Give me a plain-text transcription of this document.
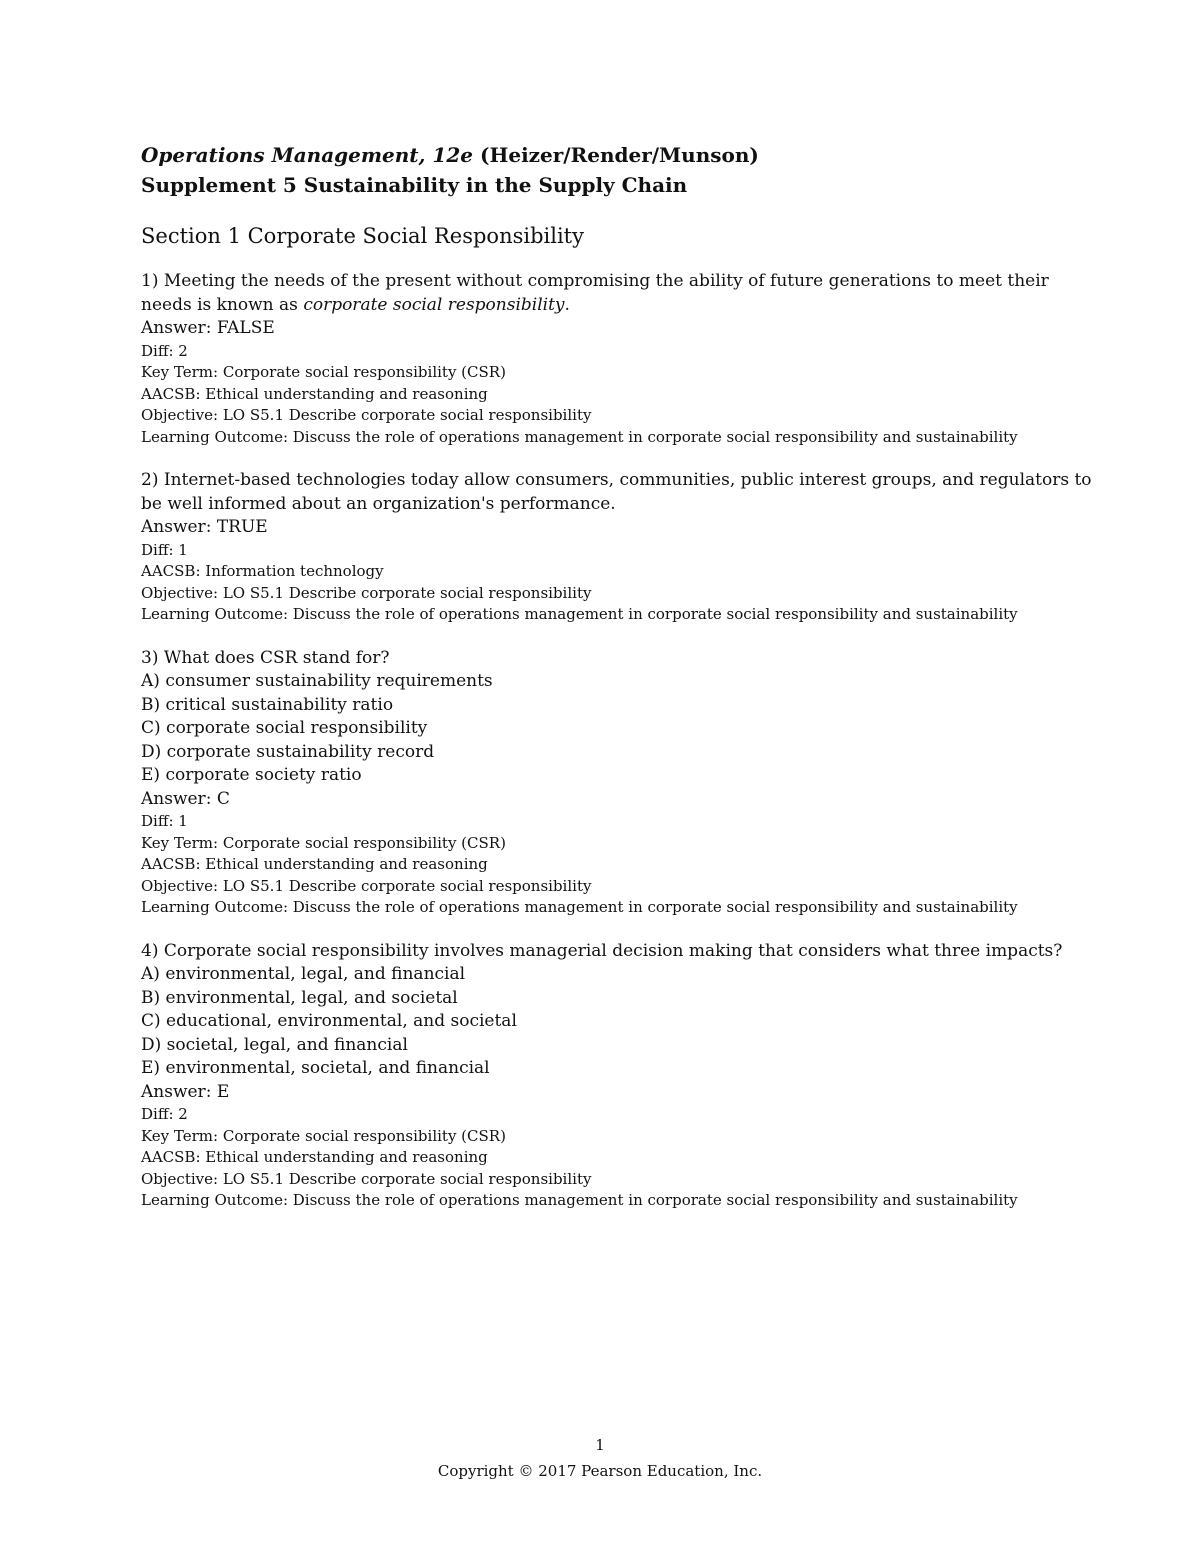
Operations Management, 12e (Heizer/Render/Munson)

Supplement 5 Sustainability in the Supply Chain

Section 1 Corporate Social Responsibility
1) Meeting the needs of the present without compromising the ability of future generations to meet their needs is known as corporate social responsibility.
Answer: FALSE
Diff: 2
Key Term: Corporate social responsibility (CSR)
AACSB: Ethical understanding and reasoning
Objective: LO S5.1 Describe corporate social responsibility
Learning Outcome: Discuss the role of operations management in corporate social responsibility and sustainability
2) Internet-based technologies today allow consumers, communities, public interest groups, and regulators to be well informed about an organization's performance.
Answer: TRUE
Diff: 1
AACSB: Information technology
Objective: LO S5.1 Describe corporate social responsibility
Learning Outcome: Discuss the role of operations management in corporate social responsibility and sustainability
3) What does CSR stand for?
A) consumer sustainability requirements
B) critical sustainability ratio
C) corporate social responsibility
D) corporate sustainability record
E) corporate society ratio
Answer: C
Diff: 1
Key Term: Corporate social responsibility (CSR)
AACSB: Ethical understanding and reasoning
Objective: LO S5.1 Describe corporate social responsibility
Learning Outcome: Discuss the role of operations management in corporate social responsibility and sustainability
4) Corporate social responsibility involves managerial decision making that considers what three impacts?
A) environmental, legal, and financial
B) environmental, legal, and societal
C) educational, environmental, and societal
D) societal, legal, and financial
E) environmental, societal, and financial
Answer: E
Diff: 2
Key Term: Corporate social responsibility (CSR)
AACSB: Ethical understanding and reasoning
Objective: LO S5.1 Describe corporate social responsibility
Learning Outcome: Discuss the role of operations management in corporate social responsibility and sustainability
1
Copyright © 2017 Pearson Education, Inc.
